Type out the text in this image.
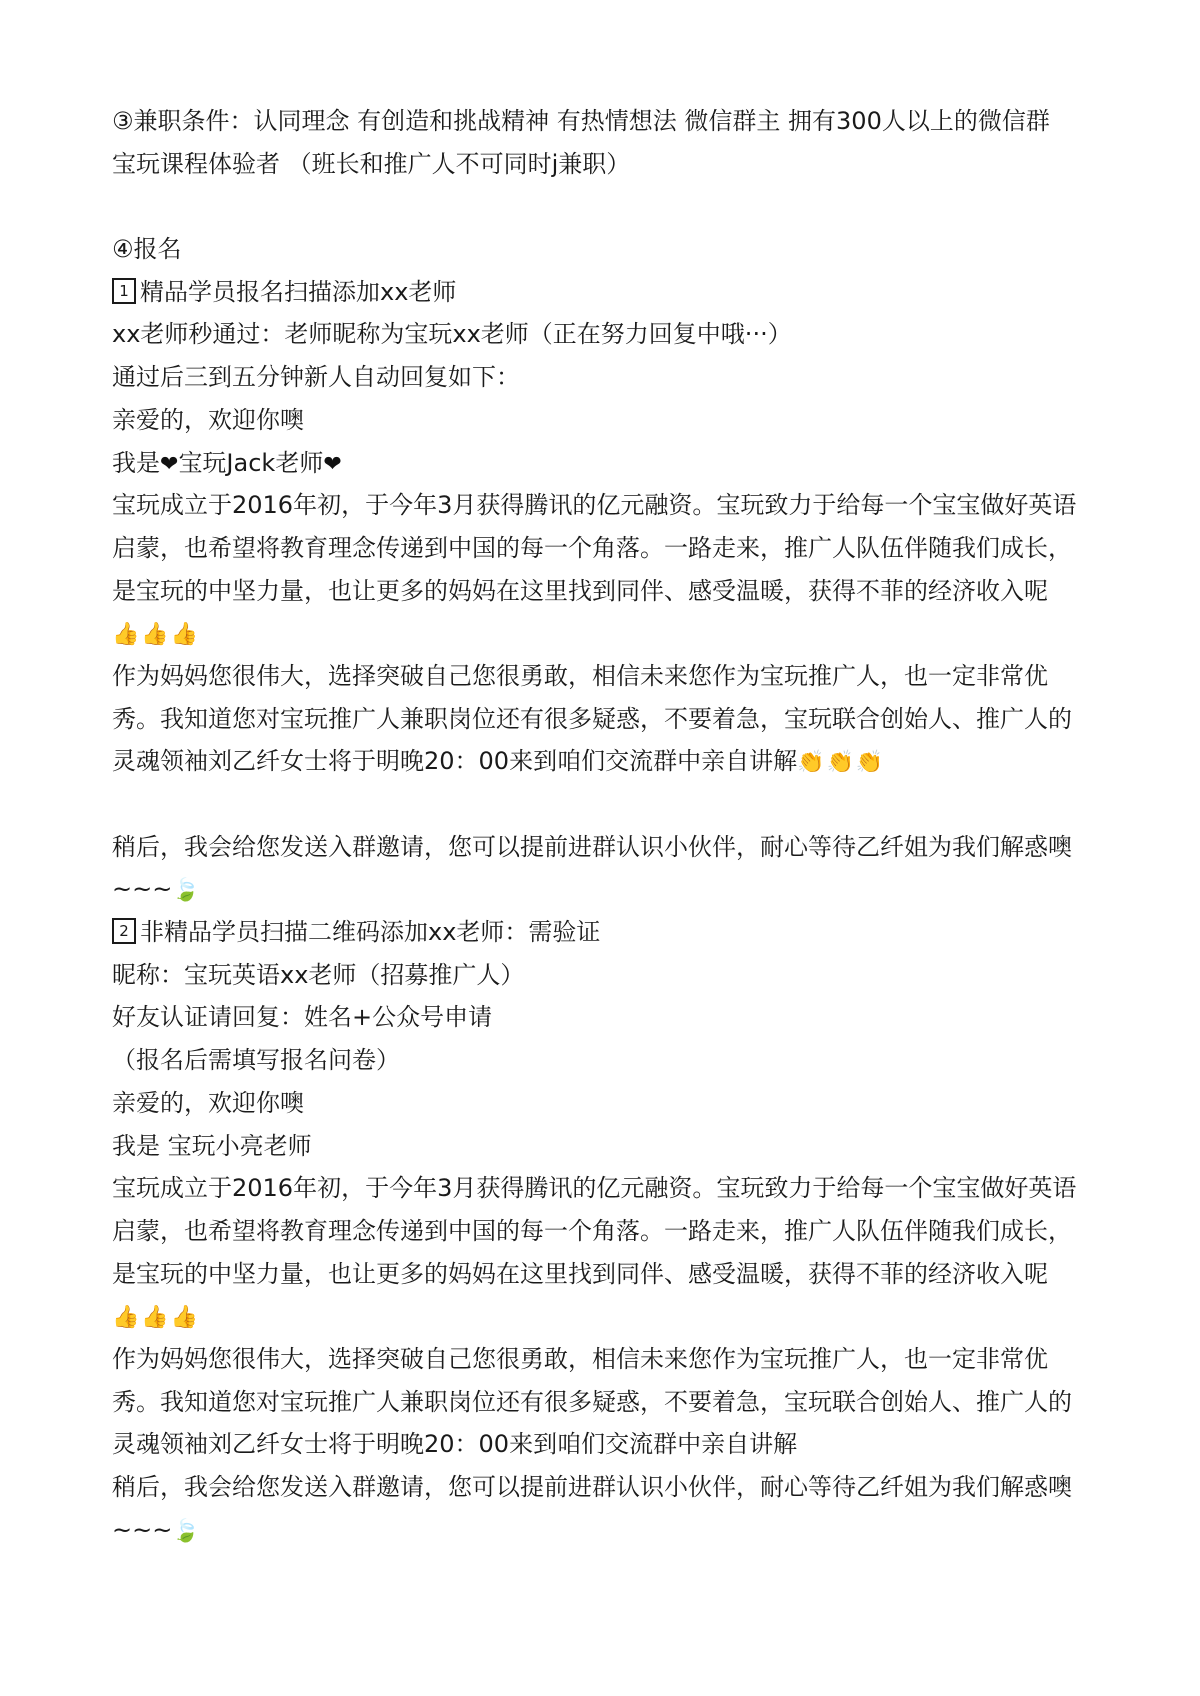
③兼职条件：认同理念 有创造和挑战精神 有热情想法 微信群主 拥有300人以上的微信群
宝玩课程体验者 （班长和推广人不可同时j兼职）
④报名
1 精品学员报名扫描添加xx老师
xx老师秒通过：老师昵称为宝玩xx老师（正在努力回复中哦···）
通过后三到五分钟新人自动回复如下：
亲爱的，欢迎你噢
我是❤宝玩Jack老师❤
宝玩成立于2016年初，于今年3月获得腾讯的亿元融资。宝玩致力于给每一个宝宝做好英语
启蒙，也希望将教育理念传递到中国的每一个角落。一路走来，推广人队伍伴随我们成长，
是宝玩的中坚力量，也让更多的妈妈在这里找到同伴、感受温暖，获得不菲的经济收入呢
👍👍👍
作为妈妈您很伟大，选择突破自己您很勇敢，相信未来您作为宝玩推广人，也一定非常优
秀。我知道您对宝玩推广人兼职岗位还有很多疑惑，不要着急，宝玩联合创始人、推广人的
灵魂领袖刘乙纤女士将于明晚20：00来到咱们交流群中亲自讲解👏👏👏
稍后，我会给您发送入群邀请，您可以提前进群认识小伙伴，耐心等待乙纤姐为我们解惑噢
~~~🍃
2 非精品学员扫描二维码添加xx老师：需验证
昵称：宝玩英语xx老师（招募推广人）
好友认证请回复：姓名+公众号申请
（报名后需填写报名问卷）
亲爱的，欢迎你噢
我是 宝玩小亮老师
宝玩成立于2016年初，于今年3月获得腾讯的亿元融资。宝玩致力于给每一个宝宝做好英语
启蒙，也希望将教育理念传递到中国的每一个角落。一路走来，推广人队伍伴随我们成长，
是宝玩的中坚力量，也让更多的妈妈在这里找到同伴、感受温暖，获得不菲的经济收入呢
👍👍👍
作为妈妈您很伟大，选择突破自己您很勇敢，相信未来您作为宝玩推广人，也一定非常优
秀。我知道您对宝玩推广人兼职岗位还有很多疑惑，不要着急，宝玩联合创始人、推广人的
灵魂领袖刘乙纤女士将于明晚20：00来到咱们交流群中亲自讲解
稍后，我会给您发送入群邀请，您可以提前进群认识小伙伴，耐心等待乙纤姐为我们解惑噢
~~~🍃
